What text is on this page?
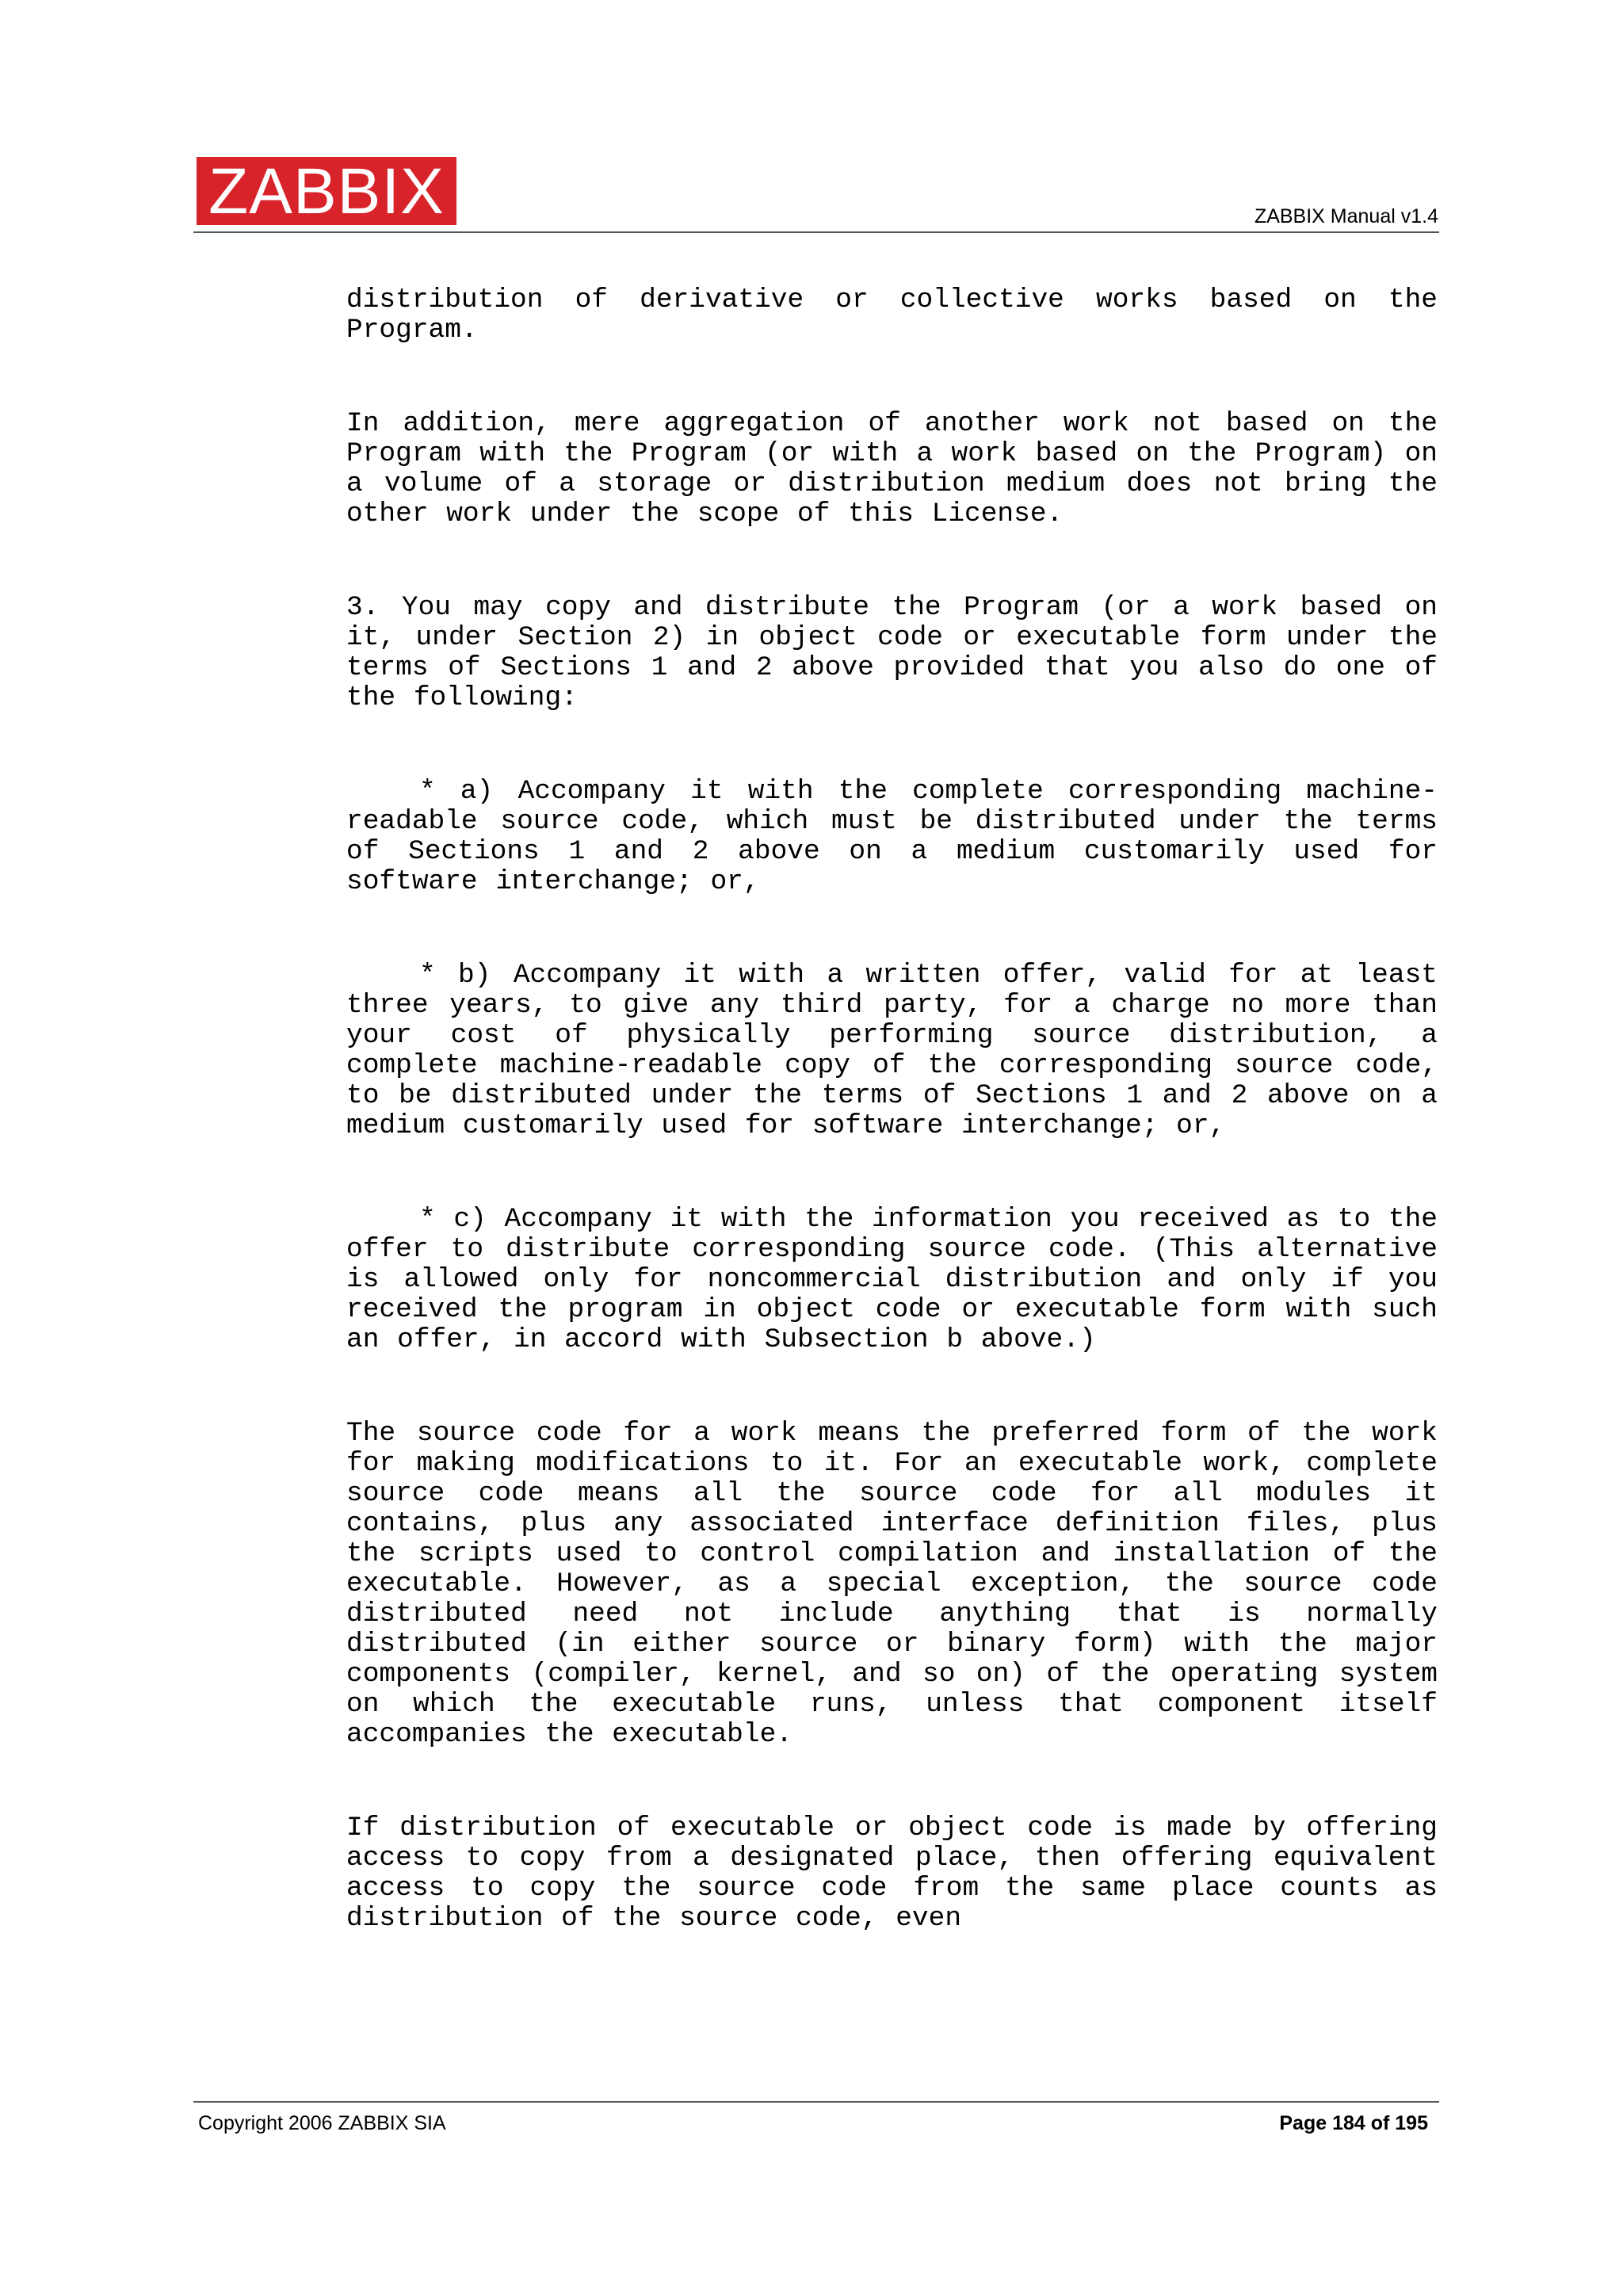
ZABBIX	ZABBIX Manual v1.4

distribution of derivative or collective works based on the Program.

In addition, mere aggregation of another work not based on the Program with the Program (or with a work based on the Program) on a volume of a storage or distribution medium does not bring the other work under the scope of this License.

3. You may copy and distribute the Program (or a work based on it, under Section 2) in object code or executable form under the terms of Sections 1 and 2 above provided that you also do one of the following:

* a) Accompany it with the complete corresponding machine-readable source code, which must be distributed under the terms of Sections 1 and 2 above on a medium customarily used for software interchange; or,

* b) Accompany it with a written offer, valid for at least three years, to give any third party, for a charge no more than your cost of physically performing source distribution, a complete machine-readable copy of the corresponding source code, to be distributed under the terms of Sections 1 and 2 above on a medium customarily used for software interchange; or,

* c) Accompany it with the information you received as to the offer to distribute corresponding source code. (This alternative is allowed only for noncommercial distribution and only if you received the program in object code or executable form with such an offer, in accord with Subsection b above.)

The source code for a work means the preferred form of the work for making modifications to it. For an executable work, complete source code means all the source code for all modules it contains, plus any associated interface definition files, plus the scripts used to control compilation and installation of the executable. However, as a special exception, the source code distributed need not include anything that is normally distributed (in either source or binary form) with the major components (compiler, kernel, and so on) of the operating system on which the executable runs, unless that component itself accompanies the executable.

If distribution of executable or object code is made by offering access to copy from a designated place, then offering equivalent access to copy the source code from the same place counts as distribution of the source code, even

Copyright 2006 ZABBIX SIA	Page 184 of 195
